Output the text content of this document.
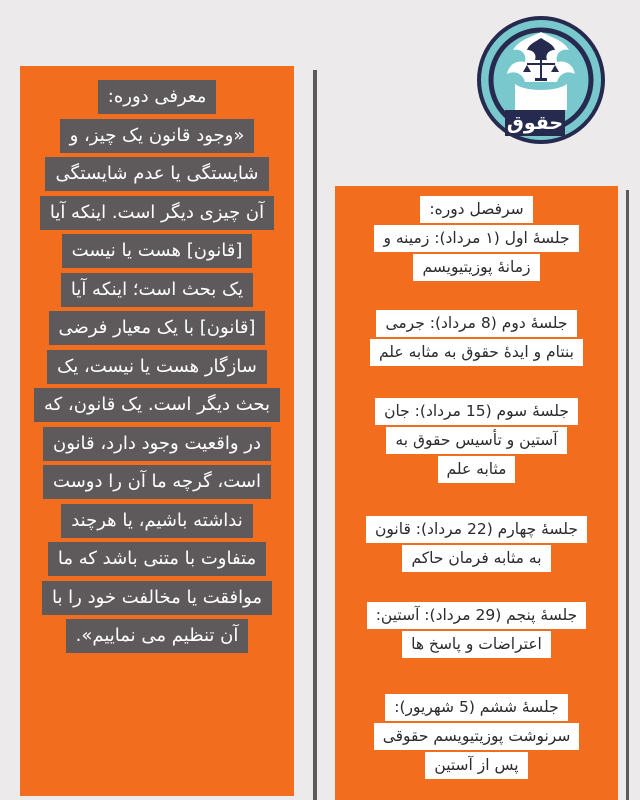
حقوق
معرفی دوره:
«وجود قانون یک چیز، و
شایستگی یا عدم شایستگی
آن چیزی دیگر است. اینکه آیا
[قانون] هست یا نیست
یک بحث است؛ اینکه آیا
[قانون] با یک معیار فرضی
سازگار هست یا نیست، یک
بحث دیگر است. یک قانون، که
در واقعیت وجود دارد، قانون
است، گرچه ما آن را دوست
نداشته باشیم، یا هرچند
متفاوت با متنی باشد که ما
موافقت یا مخالفت خود را با
آن تنظیم می نماییم».
سرفصل دوره:
جلسهٔ اول (۱ مرداد): زمینه و
زمانهٔ پوزیتیویسم
جلسهٔ دوم (8 مرداد): جرمی
بنتام و ایدهٔ حقوق به مثابه علم
جلسهٔ سوم (15 مرداد): جان
آستین و تأسیس حقوق به
مثابه علم
جلسهٔ چهارم (22 مرداد): قانون
به مثابه فرمان حاکم
جلسهٔ پنجم (29 مرداد): آستین:
اعتراضات و پاسخ ها
جلسهٔ ششم (5 شهریور):
سرنوشت پوزیتیویسم حقوقی
پس از آستین
